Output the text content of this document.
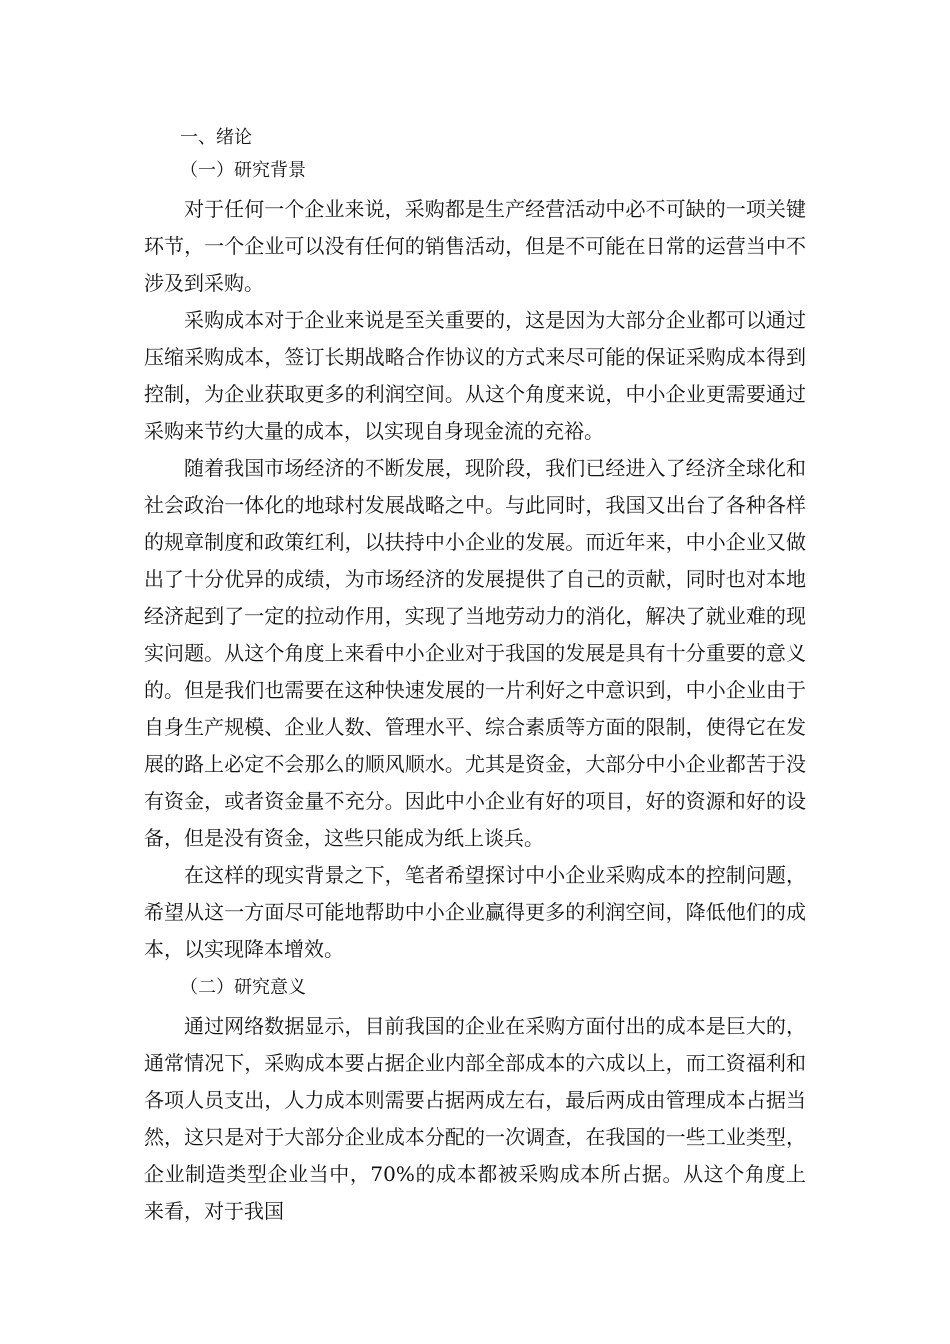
一、绪论
（一）研究背景

对于任何一个企业来说，采购都是生产经营活动中必不可缺的一项关键环节，一个企业可以没有任何的销售活动，但是不可能在日常的运营当中不涉及到采购。

采购成本对于企业来说是至关重要的，这是因为大部分企业都可以通过压缩采购成本，签订长期战略合作协议的方式来尽可能的保证采购成本得到控制，为企业获取更多的利润空间。从这个角度来说，中小企业更需要通过采购来节约大量的成本，以实现自身现金流的充裕。

随着我国市场经济的不断发展，现阶段，我们已经进入了经济全球化和社会政治一体化的地球村发展战略之中。与此同时，我国又出台了各种各样的规章制度和政策红利，以扶持中小企业的发展。而近年来，中小企业又做出了十分优异的成绩，为市场经济的发展提供了自己的贡献，同时也对本地经济起到了一定的拉动作用，实现了当地劳动力的消化，解决了就业难的现实问题。从这个角度上来看中小企业对于我国的发展是具有十分重要的意义的。但是我们也需要在这种快速发展的一片利好之中意识到，中小企业由于自身生产规模、企业人数、管理水平、综合素质等方面的限制，使得它在发展的路上必定不会那么的顺风顺水。尤其是资金，大部分中小企业都苦于没有资金，或者资金量不充分。因此中小企业有好的项目，好的资源和好的设备，但是没有资金，这些只能成为纸上谈兵。

在这样的现实背景之下，笔者希望探讨中小企业采购成本的控制问题，希望从这一方面尽可能地帮助中小企业赢得更多的利润空间，降低他们的成本，以实现降本增效。

（二）研究意义

通过网络数据显示，目前我国的企业在采购方面付出的成本是巨大的，通常情况下，采购成本要占据企业内部全部成本的六成以上，而工资福利和各项人员支出，人力成本则需要占据两成左右，最后两成由管理成本占据当然，这只是对于大部分企业成本分配的一次调查，在我国的一些工业类型，企业制造类型企业当中，70%的成本都被采购成本所占据。从这个角度上来看，对于我国
